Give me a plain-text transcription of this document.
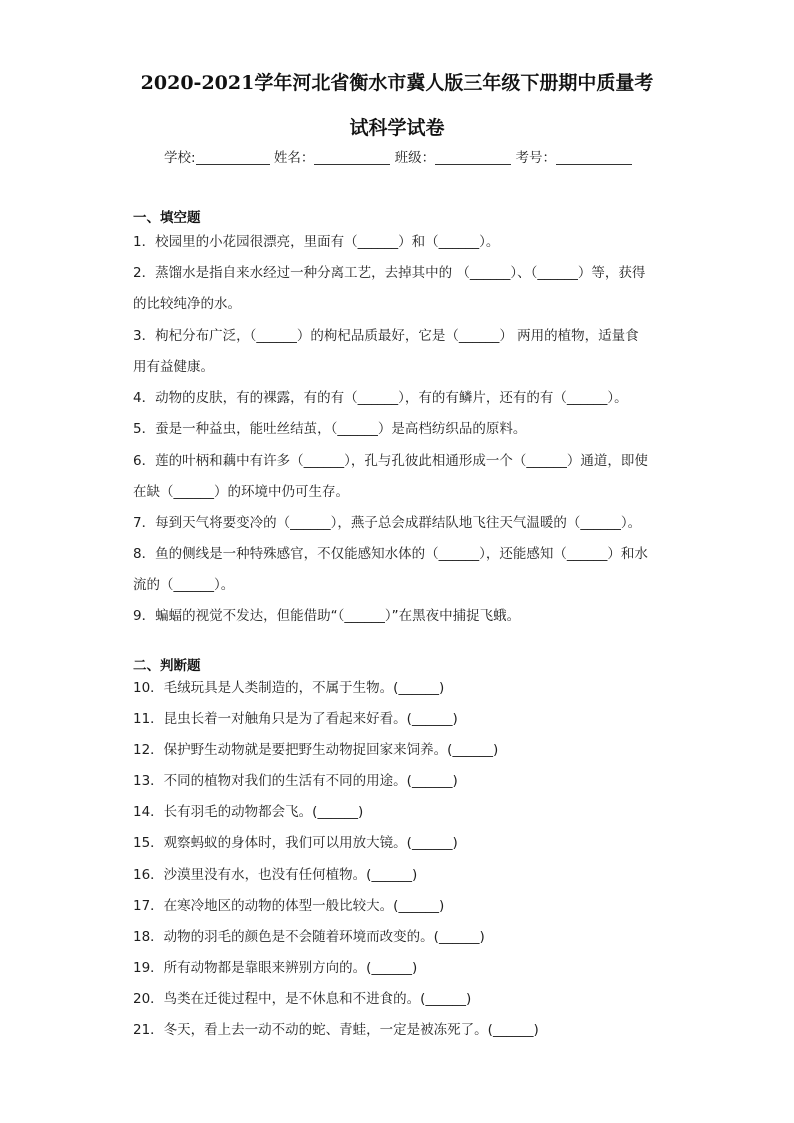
2020-2021学年河北省衡水市冀人版三年级下册期中质量考
试科学试卷
学校:	姓名：	班级：	考号：
一、填空题
1．校园里的小花园很漂亮，里面有（______）和（______）。
2．蒸馏水是指自来水经过一种分离工艺，去掉其中的 （______）、（______）等，获得
的比较纯净的水。
3．枸杞分布广泛，（______）的枸杞品质最好，它是（______） 两用的植物，适量食
用有益健康。
4．动物的皮肤，有的裸露，有的有（______），有的有鳞片，还有的有（______）。
5．蚕是一种益虫，能吐丝结茧，（______）是高档纺织品的原料。
6．莲的叶柄和藕中有许多（______），孔与孔彼此相通形成一个（______）通道，即使
在缺（______）的环境中仍可生存。
7．每到天气将要变冷的（______），燕子总会成群结队地飞往天气温暖的（______）。
8．鱼的侧线是一种特殊感官，不仅能感知水体的（______），还能感知（______）和水
流的（______）。
9．蝙蝠的视觉不发达，但能借助“（______）”在黑夜中捕捉飞蛾。
二、判断题
10．毛绒玩具是人类制造的，不属于生物。(______)
11．昆虫长着一对触角只是为了看起来好看。(______)
12．保护野生动物就是要把野生动物捉回家来饲养。(______)
13．不同的植物对我们的生活有不同的用途。(______)
14．长有羽毛的动物都会飞。(______)
15．观察蚂蚁的身体时，我们可以用放大镜。(______)
16．沙漠里没有水，也没有任何植物。(______)
17．在寒冷地区的动物的体型一般比较大。(______)
18．动物的羽毛的颜色是不会随着环境而改变的。(______)
19．所有动物都是靠眼来辨别方向的。(______)
20．鸟类在迁徙过程中，是不休息和不进食的。(______)
21．冬天，看上去一动不动的蛇、青蛙，一定是被冻死了。(______)
